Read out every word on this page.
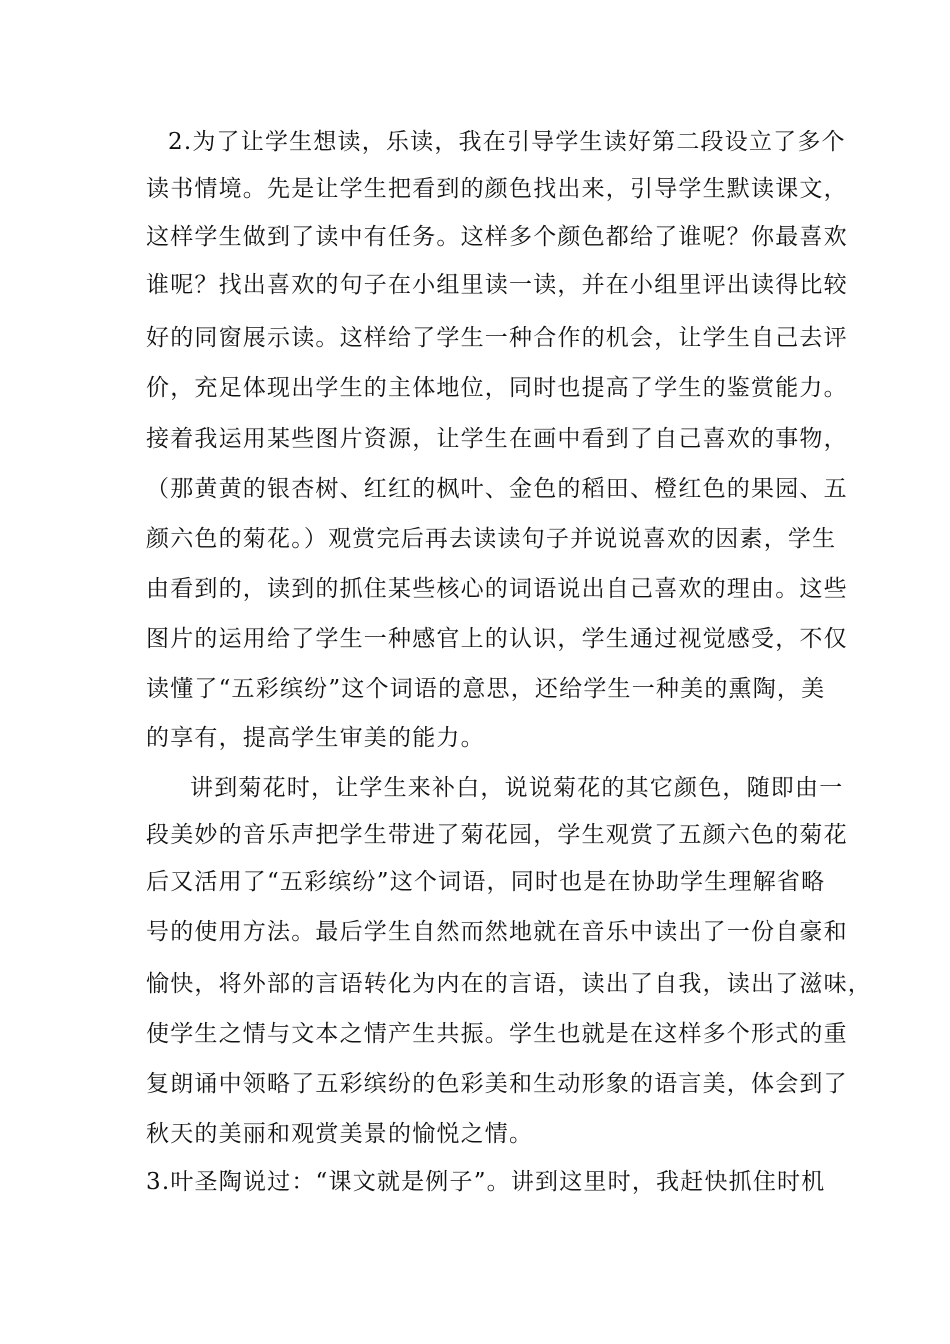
2.为了让学生想读，乐读，我在引导学生读好第二段设立了多个
读书情境。先是让学生把看到的颜色找出来，引导学生默读课文，
这样学生做到了读中有任务。这样多个颜色都给了谁呢？你最喜欢
谁呢？找出喜欢的句子在小组里读一读，并在小组里评出读得比较
好的同窗展示读。这样给了学生一种合作的机会，让学生自己去评
价，充足体现出学生的主体地位，同时也提高了学生的鉴赏能力。
接着我运用某些图片资源，让学生在画中看到了自己喜欢的事物，
（那黄黄的银杏树、红红的枫叶、金色的稻田、橙红色的果园、五
颜六色的菊花。）观赏完后再去读读句子并说说喜欢的因素，学生
由看到的，读到的抓住某些核心的词语说出自己喜欢的理由。这些
图片的运用给了学生一种感官上的认识，学生通过视觉感受，不仅
读懂了“五彩缤纷”这个词语的意思，还给学生一种美的熏陶，美
的享有，提高学生审美的能力。
讲到菊花时，让学生来补白，说说菊花的其它颜色，随即由一
段美妙的音乐声把学生带进了菊花园，学生观赏了五颜六色的菊花
后又活用了“五彩缤纷”这个词语，同时也是在协助学生理解省略
号的使用方法。最后学生自然而然地就在音乐中读出了一份自豪和
愉快，将外部的言语转化为内在的言语，读出了自我，读出了滋味，
使学生之情与文本之情产生共振。学生也就是在这样多个形式的重
复朗诵中领略了五彩缤纷的色彩美和生动形象的语言美，体会到了
秋天的美丽和观赏美景的愉悦之情。
3.叶圣陶说过：“课文就是例子”。讲到这里时，我赶快抓住时机
